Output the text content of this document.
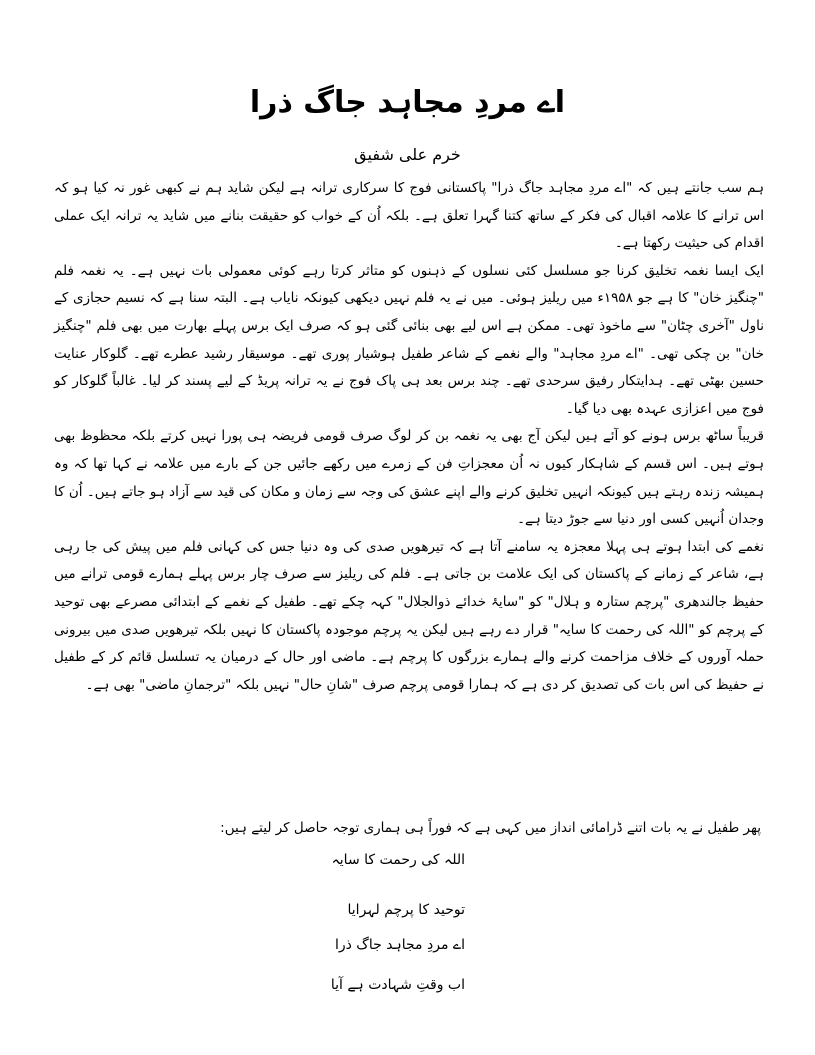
اے مردِ مجاہد جاگ ذرا
خرم علی شفیق

ہم سب جانتے ہیں کہ "اے مردِ مجاہد جاگ ذرا" پاکستانی فوج کا سرکاری ترانہ ہے لیکن شاید ہم نے کبھی غور نہ کیا ہو کہ اس ترانے کا علامہ اقبال کی فکر کے ساتھ کتنا گہرا تعلق ہے۔ بلکہ اُن کے خواب کو حقیقت بنانے میں شاید یہ ترانہ ایک عملی اقدام کی حیثیت رکھتا ہے۔

ایک ایسا نغمہ تخلیق کرنا جو مسلسل کئی نسلوں کے ذہنوں کو متاثر کرتا رہے کوئی معمولی بات نہیں ہے۔ یہ نغمہ فلم "چنگیز خان" کا ہے جو ۱۹۵۸ء میں ریلیز ہوئی۔ میں نے یہ فلم نہیں دیکھی کیونکہ نایاب ہے۔ البتہ سنا ہے کہ نسیم حجازی کے ناول "آخری چٹان" سے ماخوذ تھی۔ ممکن ہے اس لیے بھی بنائی گئی ہو کہ صرف ایک برس پہلے بھارت میں بھی فلم "چنگیز خان" بن چکی تھی۔ "اے مردِ مجاہد" والے نغمے کے شاعر طفیل ہوشیار پوری تھے۔ موسیقار رشید عطرے تھے۔ گلوکار عنایت حسین بھٹی تھے۔ ہدایتکار رفیق سرحدی تھے۔ چند برس بعد ہی پاک فوج نے یہ ترانہ پریڈ کے لیے پسند کر لیا۔ غالباً گلوکار کو فوج میں اعزازی عہدہ بھی دیا گیا۔

قریباً ساٹھ برس ہونے کو آئے ہیں لیکن آج بھی یہ نغمہ بن کر لوگ صرف قومی فریضہ ہی پورا نہیں کرتے بلکہ محظوظ بھی ہوتے ہیں۔ اس قسم کے شاہکار کیوں نہ اُن معجزاتِ فن کے زمرے میں رکھے جائیں جن کے بارے میں علامہ نے کہا تھا کہ وہ ہمیشہ زندہ رہتے ہیں کیونکہ انہیں تخلیق کرنے والے اپنے عشق کی وجہ سے زمان و مکان کی قید سے آزاد ہو جاتے ہیں۔ اُن کا وجدان اُنہیں کسی اور دنیا سے جوڑ دیتا ہے۔

نغمے کی ابتدا ہوتے ہی پہلا معجزہ یہ سامنے آتا ہے کہ تیرھویں صدی کی وہ دنیا جس کی کہانی فلم میں پیش کی جا رہی ہے، شاعر کے زمانے کے پاکستان کی ایک علامت بن جاتی ہے۔ فلم کی ریلیز سے صرف چار برس پہلے ہمارے قومی ترانے میں حفیظ جالندھری "پرچم ستارہ و ہلال" کو "سایۂ خدائے ذوالجلال" کہہ چکے تھے۔ طفیل کے نغمے کے ابتدائی مصرعے بھی توحید کے پرچم کو "اللہ کی رحمت کا سایہ" قرار دے رہے ہیں لیکن یہ پرچم موجودہ پاکستان کا نہیں بلکہ تیرھویں صدی میں بیرونی حملہ آوروں کے خلاف مزاحمت کرنے والے ہمارے بزرگوں کا پرچم ہے۔ ماضی اور حال کے درمیان یہ تسلسل قائم کر کے طفیل نے حفیظ کی اس بات کی تصدیق کر دی ہے کہ ہمارا قومی پرچم صرف "شانِ حال" نہیں بلکہ "ترجمانِ ماضی" بھی ہے۔

پھر طفیل نے یہ بات اتنے ڈرامائی انداز میں کہی ہے کہ فوراً ہی ہماری توجہ حاصل کر لیتے ہیں:
اللہ کی رحمت کا سایہ
توحید کا پرچم لہرایا
اے مردِ مجاہد جاگ ذرا
اب وقتِ شہادت ہے آیا
